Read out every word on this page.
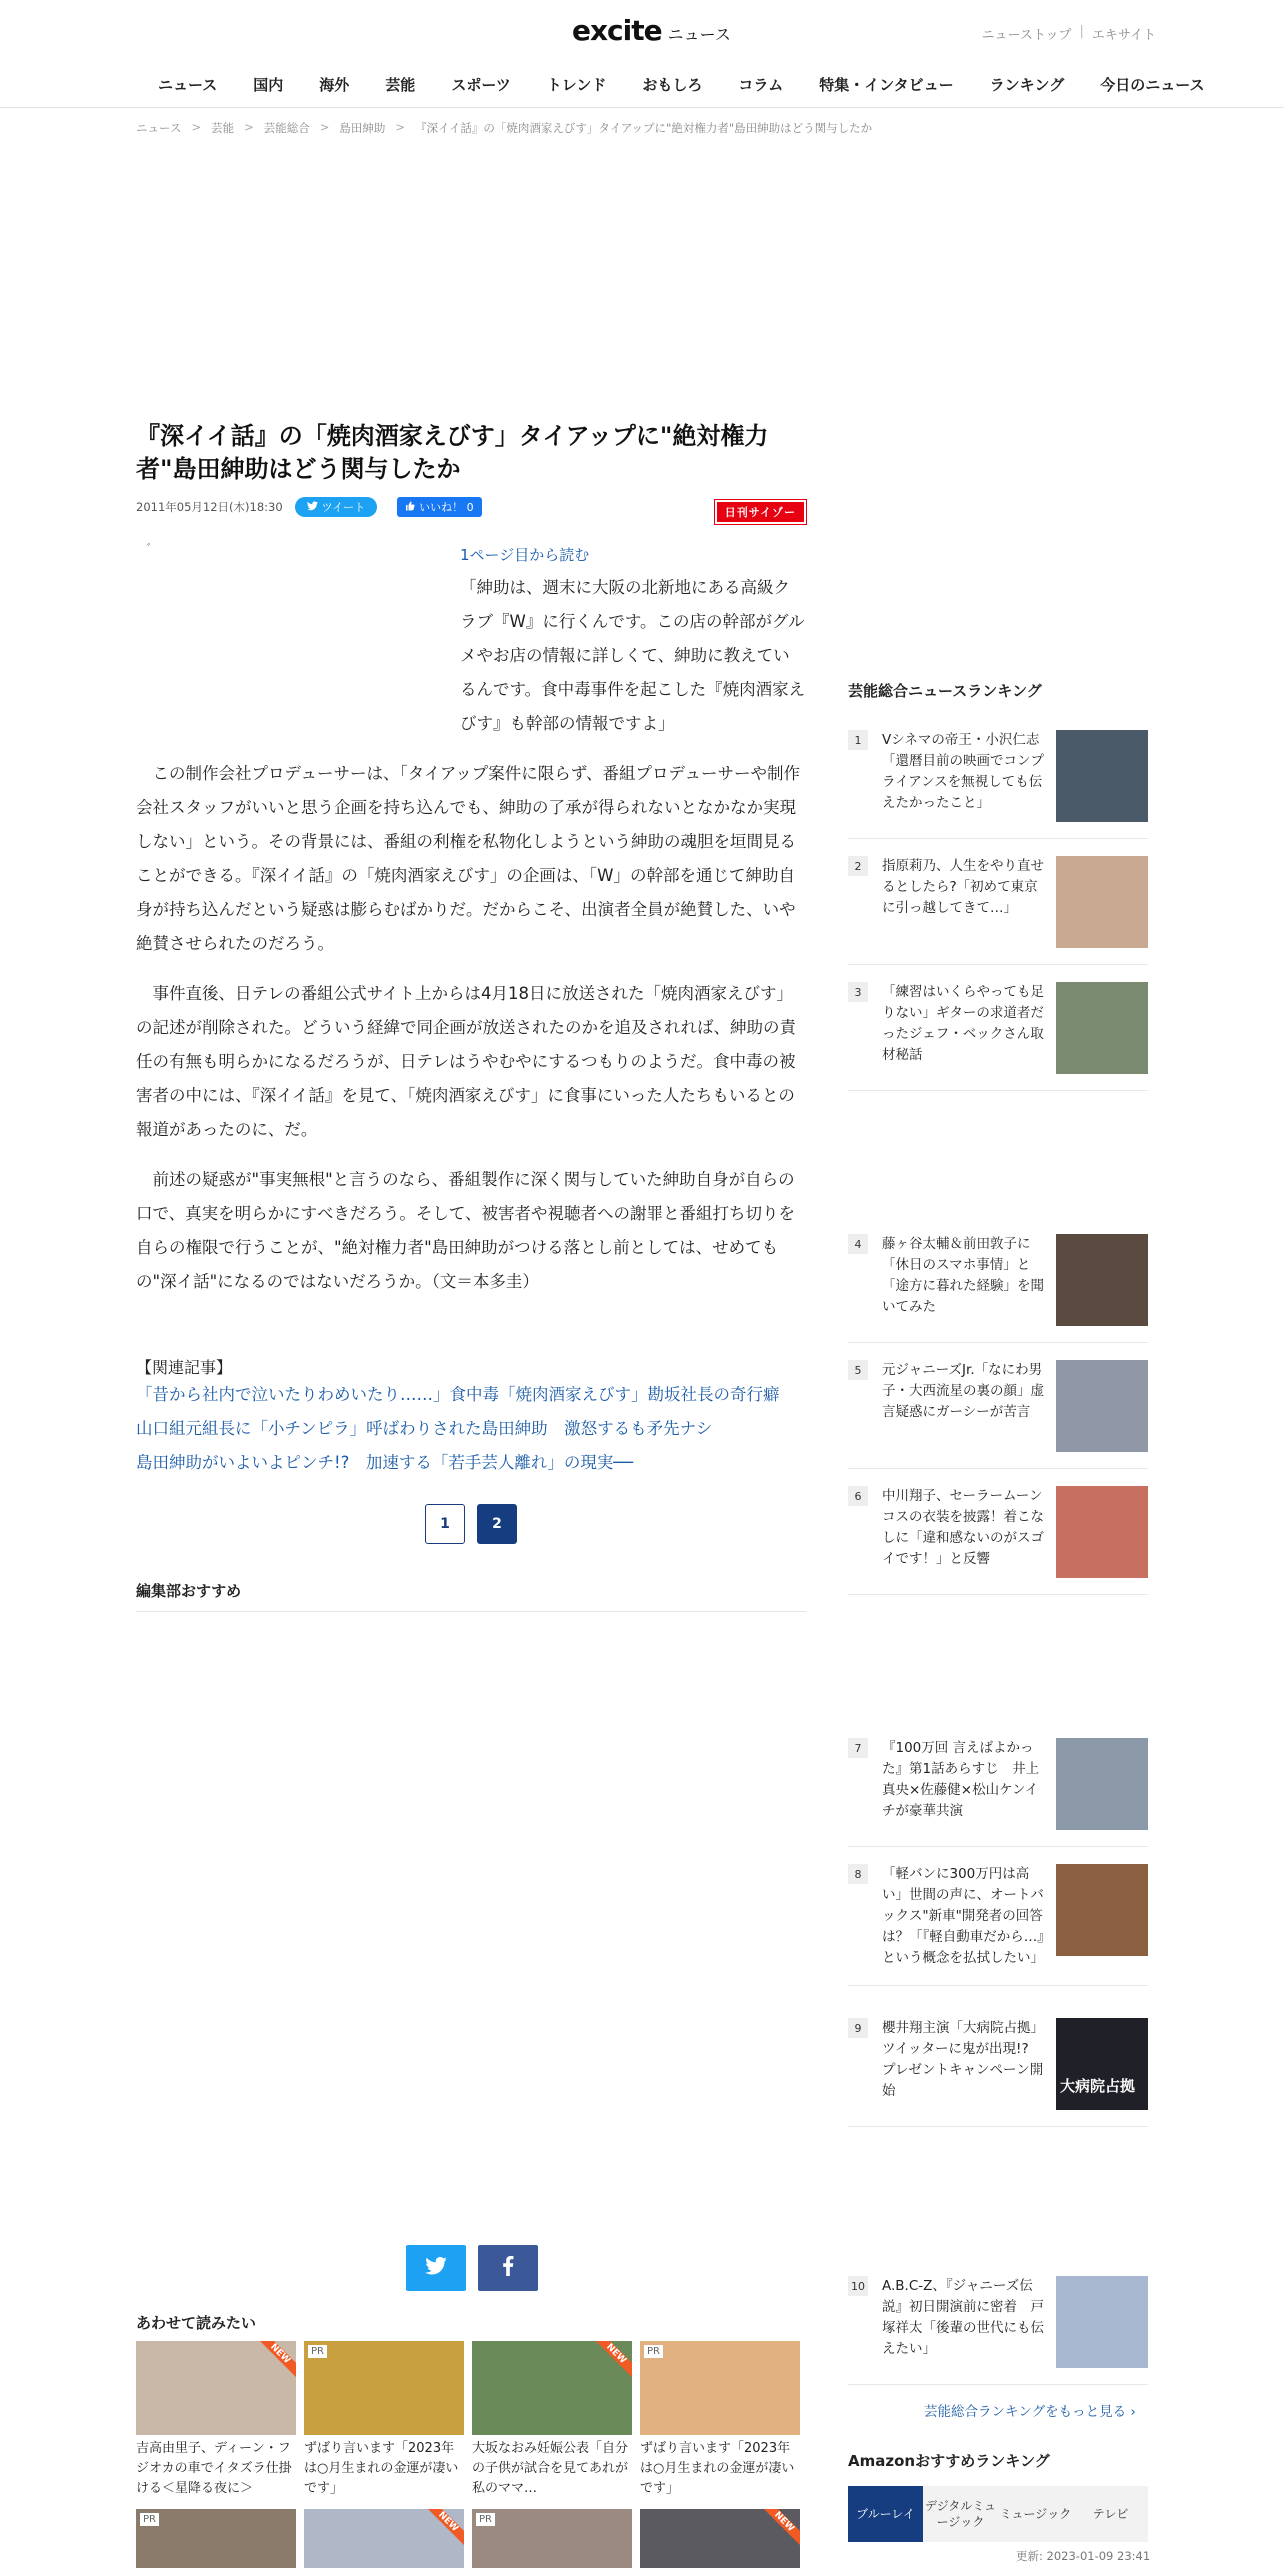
excite ニュース	ニューストップ | エキサイト
ニュース	国内	海外	芸能	スポーツ	トレンド	おもしろ	コラム	特集・インタビュー	ランキング	今日のニュース
ニュース > 芸能 > 芸能総合 > 島田紳助 > 『深イイ話』の「焼肉酒家えびす」タイアップに"絶対権力者"島田紳助はどう関与したか
『深イイ話』の「焼肉酒家えびす」タイアップに"絶対権力者"島田紳助はどう関与したか
2011年05月12日(木)18:30	ツイート	いいね！ 0	日刊サイゾー
゛	1ページ目から読む

「紳助は、週末に大阪の北新地にある高級クラブ『W』に行くんです。この店の幹部がグルメやお店の情報に詳しくて、紳助に教えているんです。食中毒事件を起こした『焼肉酒家えびす』も幹部の情報ですよ」

この制作会社プロデューサーは、「タイアップ案件に限らず、番組プロデューサーや制作会社スタッフがいいと思う企画を持ち込んでも、紳助の了承が得られないとなかなか実現しない」という。その背景には、番組の利権を私物化しようという紳助の魂胆を垣間見ることができる。『深イイ話』の「焼肉酒家えびす」の企画は、「W」の幹部を通じて紳助自身が持ち込んだという疑惑は膨らむばかりだ。だからこそ、出演者全員が絶賛した、いや絶賛させられたのだろう。

事件直後、日テレの番組公式サイト上からは4月18日に放送された「焼肉酒家えびす」の記述が削除された。どういう経緯で同企画が放送されたのかを追及されれば、紳助の責任の有無も明らかになるだろうが、日テレはうやむやにするつもりのようだ。食中毒の被害者の中には、『深イイ話』を見て、「焼肉酒家えびす」に食事にいった人たちもいるとの報道があったのに、だ。

前述の疑惑が"事実無根"と言うのなら、番組製作に深く関与していた紳助自身が自らの口で、真実を明らかにすべきだろう。そして、被害者や視聴者への謝罪と番組打ち切りを自らの権限で行うことが、"絶対権力者"島田紳助がつける落とし前としては、せめてもの"深イ話"になるのではないだろうか。（文＝本多圭）

【関連記事】
「昔から社内で泣いたりわめいたり……」食中毒「焼肉酒家えびす」勘坂社長の奇行癖
山口組元組長に「小チンピラ」呼ばわりされた島田紳助　激怒するも矛先ナシ
島田紳助がいよいよピンチ!?　加速する「若手芸人離れ」の現実──
1	2
編集部おすすめ
あわせて読みたい
NEW
吉高由里子、ディーン・フジオカの車でイタズラ仕掛ける＜星降る夜に＞
PR
ずばり言います「2023年は○月生まれの金運が凄いです」
NEW
大坂なおみ妊娠公表「自分の子供が試合を見てあれが私のママ…
PR
ずばり言います「2023年は○月生まれの金運が凄いです」
PR	NEW	PR	NEW
芸能総合ニュースランキング
1	Vシネマの帝王・小沢仁志「還暦目前の映画でコンプライアンスを無視しても伝えたかったこと」
2	指原莉乃、人生をやり直せるとしたら?「初めて東京に引っ越してきて…」
3	「練習はいくらやっても足りない」ギターの求道者だったジェフ・ベックさん取材秘話
4	藤ヶ谷太輔＆前田敦子に「休日のスマホ事情」と「途方に暮れた経験」を聞いてみた
5	元ジャニーズJr.「なにわ男子・大西流星の裏の顔」虚言疑惑にガーシーが苦言
6	中川翔子、セーラームーンコスの衣装を披露！着こなしに「違和感ないのがスゴイです！」と反響
7	『100万回 言えばよかった』第1話あらすじ　井上真央×佐藤健×松山ケンイチが豪華共演
8	「軽バンに300万円は高い」世間の声に、オートバックス"新車"開発者の回答は？「『軽自動車だから…』という概念を払拭したい」
9	櫻井翔主演「大病院占拠」ツイッターに鬼が出現!?　プレゼントキャンペーン開始	大病院占拠
10 A.B.C-Z、『ジャニーズ伝説』初日開演前に密着　戸塚祥太「後輩の世代にも伝えたい」
芸能総合ランキングをもっと見る ›
Amazonおすすめランキング
ブルーレイ
デジタルミュージック
ミュージック	テレビ
更新: 2023-01-09 23:41
